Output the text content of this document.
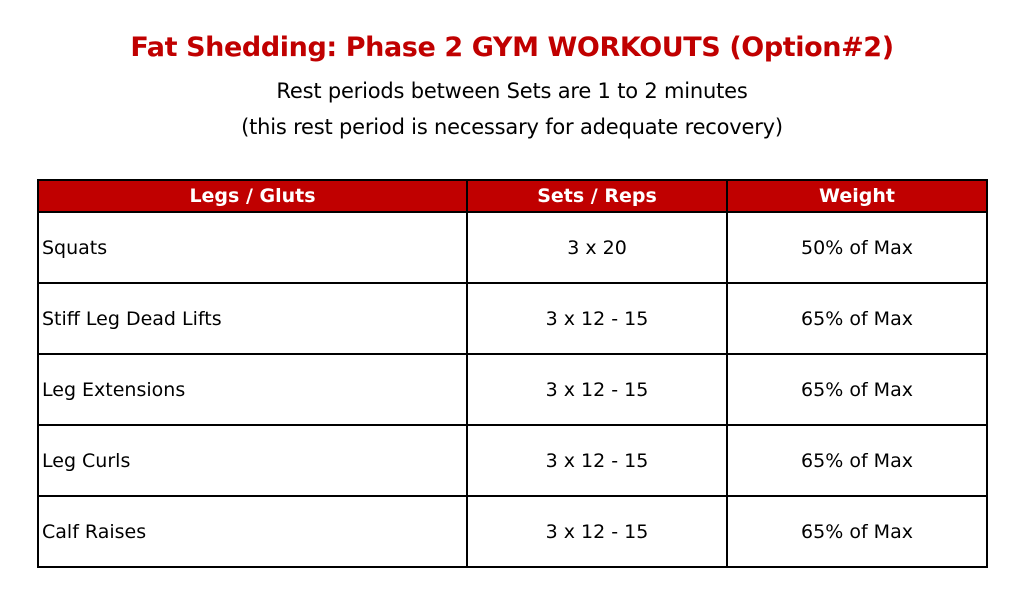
Fat Shedding: Phase 2 GYM WORKOUTS (Option#2)
Rest periods between Sets are 1 to 2 minutes
(this rest period is necessary for adequate recovery)
Legs / Gluts	Sets / Reps	Weight
Squats	3 x 20	50% of Max
Stiff Leg Dead Lifts	3 x 12 - 15	65% of Max
Leg Extensions	3 x 12 - 15	65% of Max
Leg Curls	3 x 12 - 15	65% of Max
Calf Raises	3 x 12 - 15	65% of Max
